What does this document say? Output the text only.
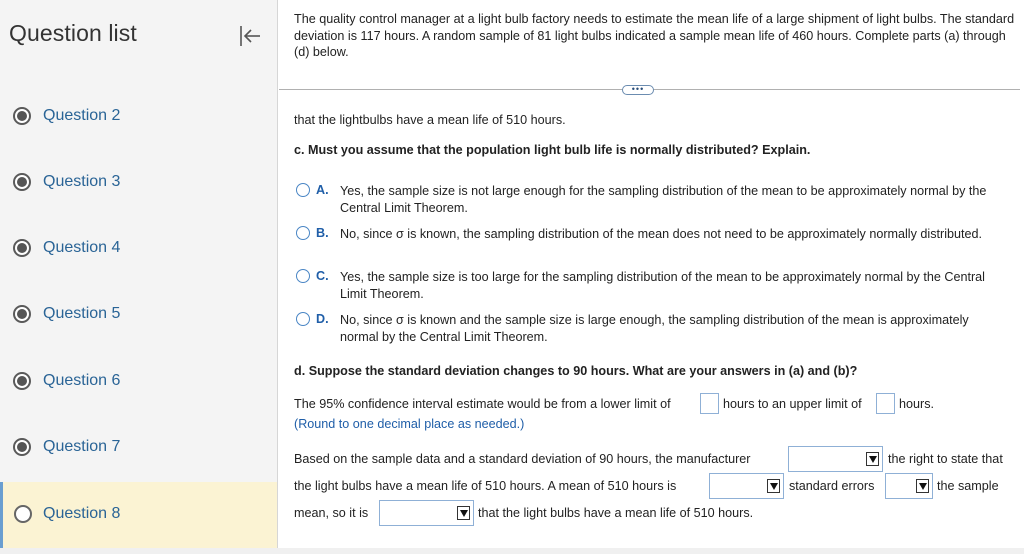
Question list
Question 2
Question 3
Question 4
Question 5
Question 6
Question 7
Question 8
The quality control manager at a light bulb factory needs to estimate the mean life of a large shipment of light bulbs. The standard deviation is 117 hours. A random sample of 81 light bulbs indicated a sample mean life of 460 hours. Complete parts (a) through (d) below.
•••
that the lightbulbs have a mean life of 510 hours.
c. Must you assume that the population light bulb life is normally distributed? Explain.
A. Yes, the sample size is not large enough for the sampling distribution of the mean to be approximately normal by the Central Limit Theorem.
B. No, since σ is known, the sampling distribution of the mean does not need to be approximately normally distributed.
C. Yes, the sample size is too large for the sampling distribution of the mean to be approximately normal by the Central Limit Theorem.
D. No, since σ is known and the sample size is large enough, the sampling distribution of the mean is approximately normal by the Central Limit Theorem.
d. Suppose the standard deviation changes to 90 hours. What are your answers in (a) and (b)?
The 95% confidence interval estimate would be from a lower limit of	hours to an upper limit of	hours.
(Round to one decimal place as needed.)
Based on the sample data and a standard deviation of 90 hours, the manufacturer	the right to state that
the light bulbs have a mean life of 510 hours. A mean of 510 hours is	standard errors	the sample
mean, so it is	that the light bulbs have a mean life of 510 hours.
